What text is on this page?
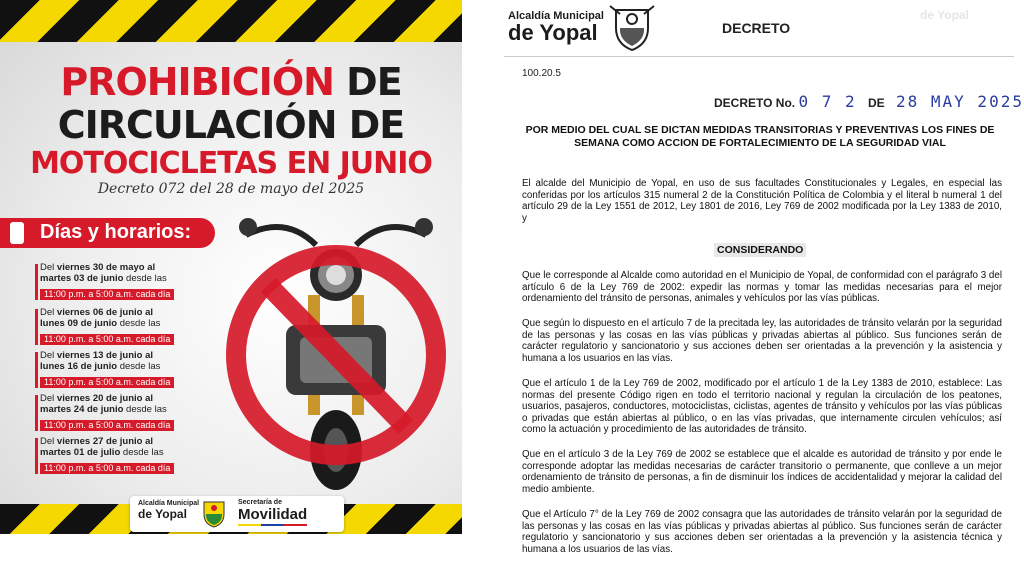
PROHIBICIÓN DE
CIRCULACIÓN DE
MOTOCICLETAS EN JUNIO
Decreto 072 del 28 de mayo del 2025
Días y horarios:
Del viernes 30 de mayo al
martes 03 de junio desde las
11:00 p.m. a 5:00 a.m. cada día
Del viernes 06 de junio al
lunes 09 de junio desde las
11:00 p.m. a 5:00 a.m. cada día
Del viernes 13 de junio al
lunes 16 de junio desde las
11:00 p.m. a 5:00 a.m. cada día
Del viernes 20 de junio al
martes 24 de junio desde las
11:00 p.m. a 5:00 a.m. cada día
Del viernes 27 de junio al
martes 01 de julio desde las
11:00 p.m. a 5:00 a.m. cada día
Alcaldía Municipal
de Yopal
Secretaría de
Movilidad
Alcaldía Municipal
de Yopal	DECRETO
de Yopal
100.20.5
DECRETO No. 0 7 2 DE 28 MAY 2025
POR MEDIO DEL CUAL SE DICTAN MEDIDAS TRANSITORIAS Y PREVENTIVAS LOS FINES DE SEMANA COMO ACCION DE FORTALECIMIENTO DE LA SEGURIDAD VIAL
El alcalde del Municipio de Yopal, en uso de sus facultades Constitucionales y Legales, en especial las conferidas por los artículos 315 numeral 2 de la Constitución Política de Colombia y el literal b numeral 1 del artículo 29 de la Ley 1551 de 2012, Ley 1801 de 2016, Ley 769 de 2002 modificada por la Ley 1383 de 2010, y
CONSIDERANDO
Que le corresponde al Alcalde como autoridad en el Municipio de Yopal, de conformidad con el parágrafo 3 del artículo 6 de la Ley 769 de 2002: expedir las normas y tomar las medidas necesarias para el mejor ordenamiento del tránsito de personas, animales y vehículos por las vías públicas.
Que según lo dispuesto en el artículo 7 de la precitada ley, las autoridades de tránsito velarán por la seguridad de las personas y las cosas en las vías públicas y privadas abiertas al público. Sus funciones serán de carácter regulatorio y sancionatorio y sus acciones deben ser orientadas a la prevención y la asistencia y humana a los usuarios en las vías.
Que el artículo 1 de la Ley 769 de 2002, modificado por el artículo 1 de la Ley 1383 de 2010, establece: Las normas del presente Código rigen en todo el territorio nacional y regulan la circulación de los peatones, usuarios, pasajeros, conductores, motociclistas, ciclistas, agentes de tránsito y vehículos por las vías públicas o privadas que están abiertas al público, o en las vías privadas, que internamente circulen vehículos; así como la actuación y procedimiento de las autoridades de tránsito.
Que en el artículo 3 de la Ley 769 de 2002 se establece que el alcalde es autoridad de tránsito y por ende le corresponde adoptar las medidas necesarias de carácter transitorio o permanente, que conlleve a un mejor ordenamiento de tránsito de personas, a fin de disminuir los índices de accidentalidad y mejorar la calidad del medio ambiente.
Que el Artículo 7° de la Ley 769 de 2002 consagra que las autoridades de tránsito velarán por la seguridad de las personas y las cosas en las vías públicas y privadas abiertas al público. Sus funciones serán de carácter regulatorio y sancionatorio y sus acciones deben ser orientadas a la prevención y la asistencia técnica y humana a los usuarios de las vías.
